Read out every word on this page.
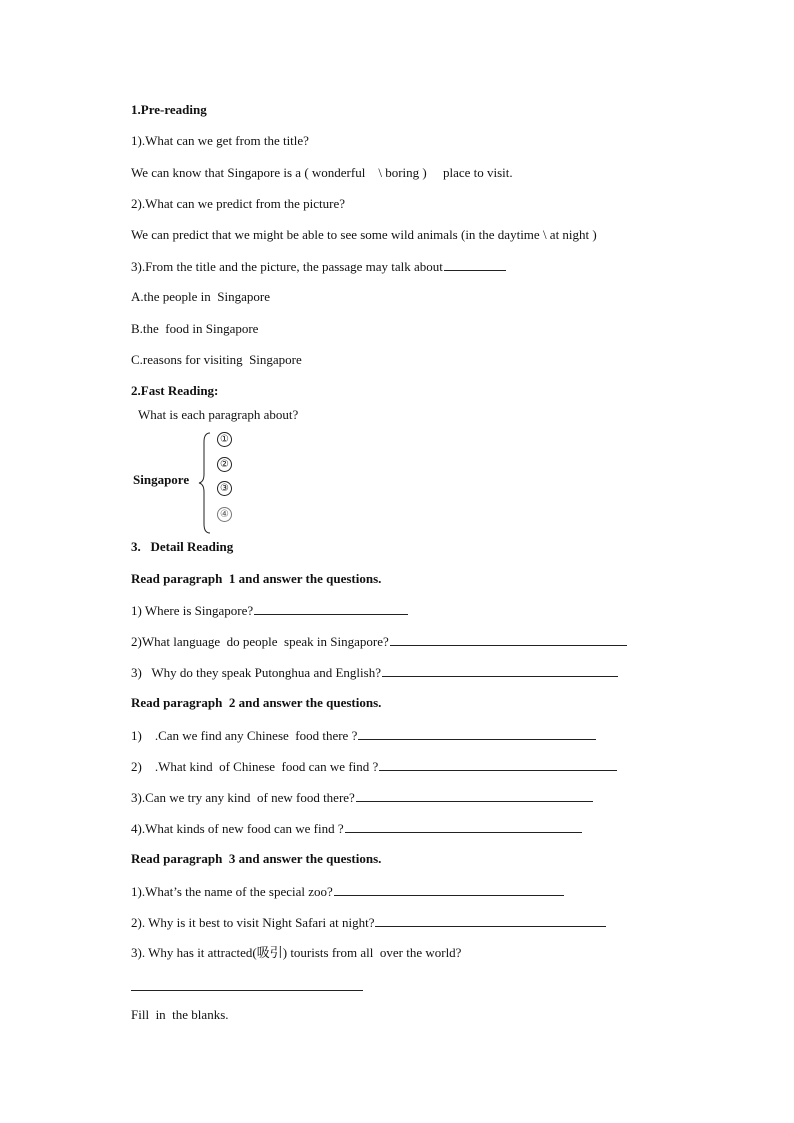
1.Pre-reading
1).What can we get from the title?
We can know that Singapore is a ( wonderful    \ boring )     place to visit.
2).What can we predict from the picture?
We can predict that we might be able to see some wild animals (in the daytime \ at night )
3).From the title and the picture, the passage may talk about
A.the people in  Singapore
B.the  food in Singapore
C.reasons for visiting  Singapore
2.Fast Reading:
What is each paragraph about?
Singapore
①
②
③
④
3.   Detail Reading
Read paragraph  1 and answer the questions.
1) Where is Singapore?
2)What language  do people  speak in Singapore?
3)   Why do they speak Putonghua and English?
Read paragraph  2 and answer the questions.
1)    .Can we find any Chinese  food there ?
2)    .What kind  of Chinese  food can we find ?
3).Can we try any kind  of new food there?
4).What kinds of new food can we find ?
Read paragraph  3 and answer the questions.
1).What’s the name of the special zoo?
2). Why is it best to visit Night Safari at night?
3). Why has it attracted(吸引) tourists from all  over the world?
Fill  in  the blanks.
